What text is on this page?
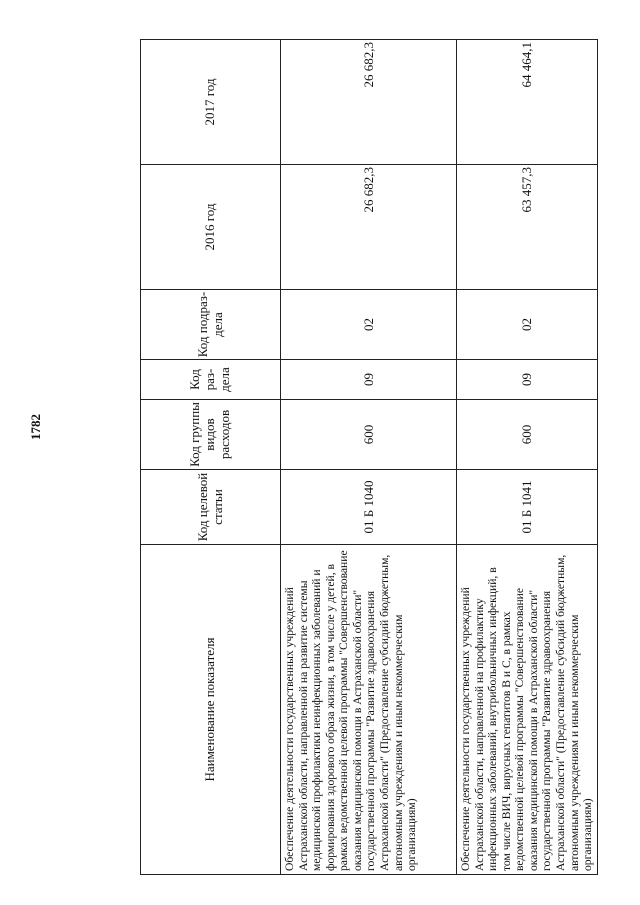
1782
Наименование показателя	Код целевой статьи	Код группы видов расходов	Код раз-дела	Код подраз-дела	2016 год	2017 год
Обеспечение деятельности государственных учреждений Астраханской области, направленной на развитие системы медицинской профилактики неинфекционных заболеваний и формирования здорового образа жизни, в том числе у детей, в рамках ведомственной целевой программы "Совершенствование оказания медицинской помощи в Астраханской области" государственной программы "Развитие здравоохранения Астраханской области" (Предоставление субсидий бюджетным, автономным учреждениям и иным некоммерческим организациям)	01 Б 1040	600	09	02	26 682,3	26 682,3
Обеспечение деятельности государственных учреждений Астраханской области, направленной на профилактику инфекционных заболеваний, внутрибольничных инфекций, в том числе ВИЧ, вирусных гепатитов В и С, в рамках ведомственной целевой программы "Совершенствование оказания медицинской помощи в Астраханской области" государственной программы "Развитие здравоохранения Астраханской области" (Предоставление субсидий бюджетным, автономным учреждениям и иным некоммерческим организациям)	01 Б 1041	600	09	02	63 457,3	64 464,1
